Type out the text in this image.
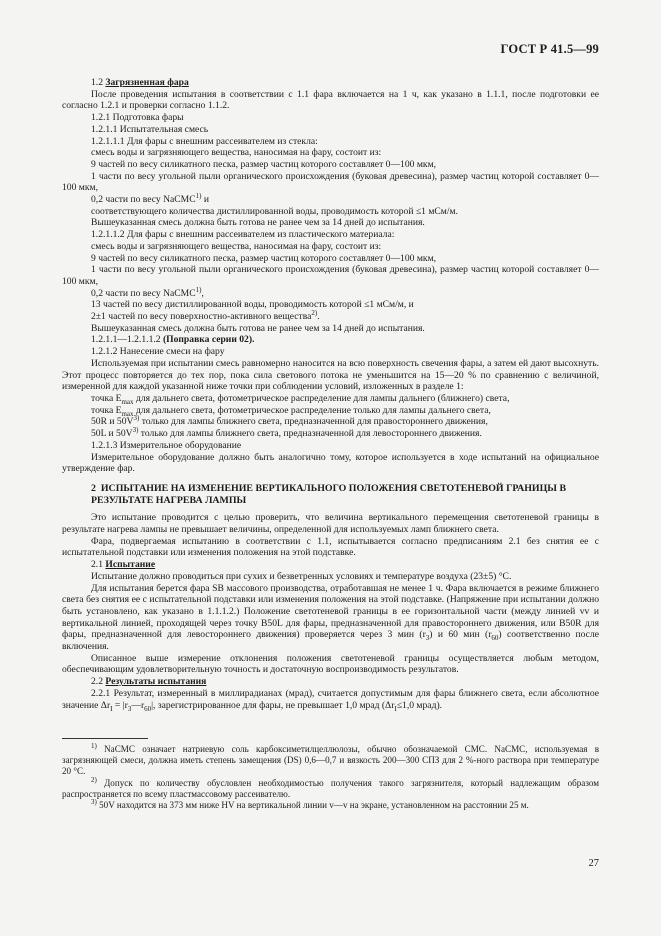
ГОСТ Р 41.5—99

1.2 Загрязненная фара

После проведения испытания в соответствии с 1.1 фара включается на 1 ч, как указано в 1.1.1, после подготовки ее согласно 1.2.1 и проверки согласно 1.1.2.

1.2.1 Подготовка фары

1.2.1.1 Испытательная смесь

1.2.1.1.1 Для фары с внешним рассеивателем из стекла:

смесь воды и загрязняющего вещества, наносимая на фару, состоит из:

9 частей по весу силикатного песка, размер частиц которого составляет 0—100 мкм,

1 части по весу угольной пыли органического происхождения (буковая древесина), размер частиц которой составляет 0—100 мкм,

0,2 части по весу NaCMC$^{1)}$ и

соответствующего количества дистиллированной воды, проводимость которой ≤1 мСм/м.

Вышеуказанная смесь должна быть готова не ранее чем за 14 дней до испытания.

1.2.1.1.2 Для фары с внешним рассеивателем из пластического материала:

смесь воды и загрязняющего вещества, наносимая на фару, состоит из:

9 частей по весу силикатного песка, размер частиц которого составляет 0—100 мкм,

1 части по весу угольной пыли органического происхождения (буковая древесина), размер частиц которой составляет 0—100 мкм,

0,2 части по весу NaCMC$^{1)}$,

13 частей по весу дистиллированной воды, проводимость которой ≤1 мСм/м, и

2±1 частей по весу поверхностно-активного вещества$^{2)}$.

Вышеуказанная смесь должна быть готова не ранее чем за 14 дней до испытания.

1.2.1.1—1.2.1.1.2 (Поправка серии 02).

1.2.1.2 Нанесение смеси на фару

Используемая при испытании смесь равномерно наносится на всю поверхность свечения фары, а затем ей дают высохнуть. Этот процесс повторяется до тех пор, пока сила светового потока не уменьшится на 15—20 % по сравнению с величиной, измеренной для каждой указанной ниже точки при соблюдении условий, изложенных в разделе 1:

точка $E_{max}$ для дальнего света, фотометрическое распределение для лампы дальнего (ближнего) света,

точка $E_{max}$ для дальнего света, фотометрическое распределение только для лампы дальнего света,

50R и $50V^{3)}$ только для лампы ближнего света, предназначенной для правостороннего движения,

50L и $50V^{3)}$ только для лампы ближнего света, предназначенной для левостороннего движения.

1.2.1.3 Измерительное оборудование

Измерительное оборудование должно быть аналогично тому, которое используется в ходе испытаний на официальное утверждение фар.

2 ИСПЫТАНИЕ НА ИЗМЕНЕНИЕ ВЕРТИКАЛЬНОГО ПОЛОЖЕНИЯ СВЕТОТЕНЕВОЙ ГРАНИЦЫ В РЕЗУЛЬТАТЕ НАГРЕВА ЛАМПЫ

Это испытание проводится с целью проверить, что величина вертикального перемещения светотеневой границы в результате нагрева лампы не превышает величины, определенной для используемых ламп ближнего света.

Фара, подвергаемая испытанию в соответствии с 1.1, испытывается согласно предписаниям 2.1 без снятия ее с испытательной подставки или изменения положения на этой подставке.

2.1 Испытание

Испытание должно проводиться при сухих и безветренных условиях и температуре воздуха (23±5) °С.

Для испытания берется фара SB массового производства, отработавшая не менее 1 ч. Фара включается в режиме ближнего света без снятия ее с испытательной подставки или изменения положения на этой подставке. (Напряжение при испытании должно быть установлено, как указано в 1.1.1.2.) Положение светотеневой границы в ее горизонтальной части (между линией vv и вертикальной линией, проходящей через точку B50L для фары, предназначенной для правостороннего движения, или B50R для фары, предназначенной для левостороннего движения) проверяется через 3 мин $(r_3)$ и 60 мин $(r_{60})$ соответственно после включения.

Описанное выше измерение отклонения положения светотеневой границы осуществляется любым методом, обеспечивающим удовлетворительную точность и достаточную воспроизводимость результатов.

2.2 Результаты испытания

2.2.1 Результат, измеренный в миллирадианах (мрад), считается допустимым для фары ближнего света, если абсолютное значение $\Delta r_I$ = $|r_3—r_{60}|$, зарегистрированное для фары, не превышает 1,0 мрад ($\Delta r_I\le 1,0$ мрад).

$^{1)}$ NaCMC означает натриевую соль карбоксиметилцеллюлозы, обычно обозначаемой CMC. NaCMC, используемая в загрязняющей смеси, должна иметь степень замещения (DS) 0,6—0,7 и вязкость 200—300 СПЗ для 2 %-ного раствора при температуре 20 °С.

$^{2)}$ Допуск по количеству обусловлен необходимостью получения такого загрязнителя, который надлежащим образом распространяется по всему пластмассовому рассеивателю.

$^{3)}$ 50V находится на 373 мм ниже HV на вертикальной линии v—v на экране, установленном на расстоянии 25 м.

27
